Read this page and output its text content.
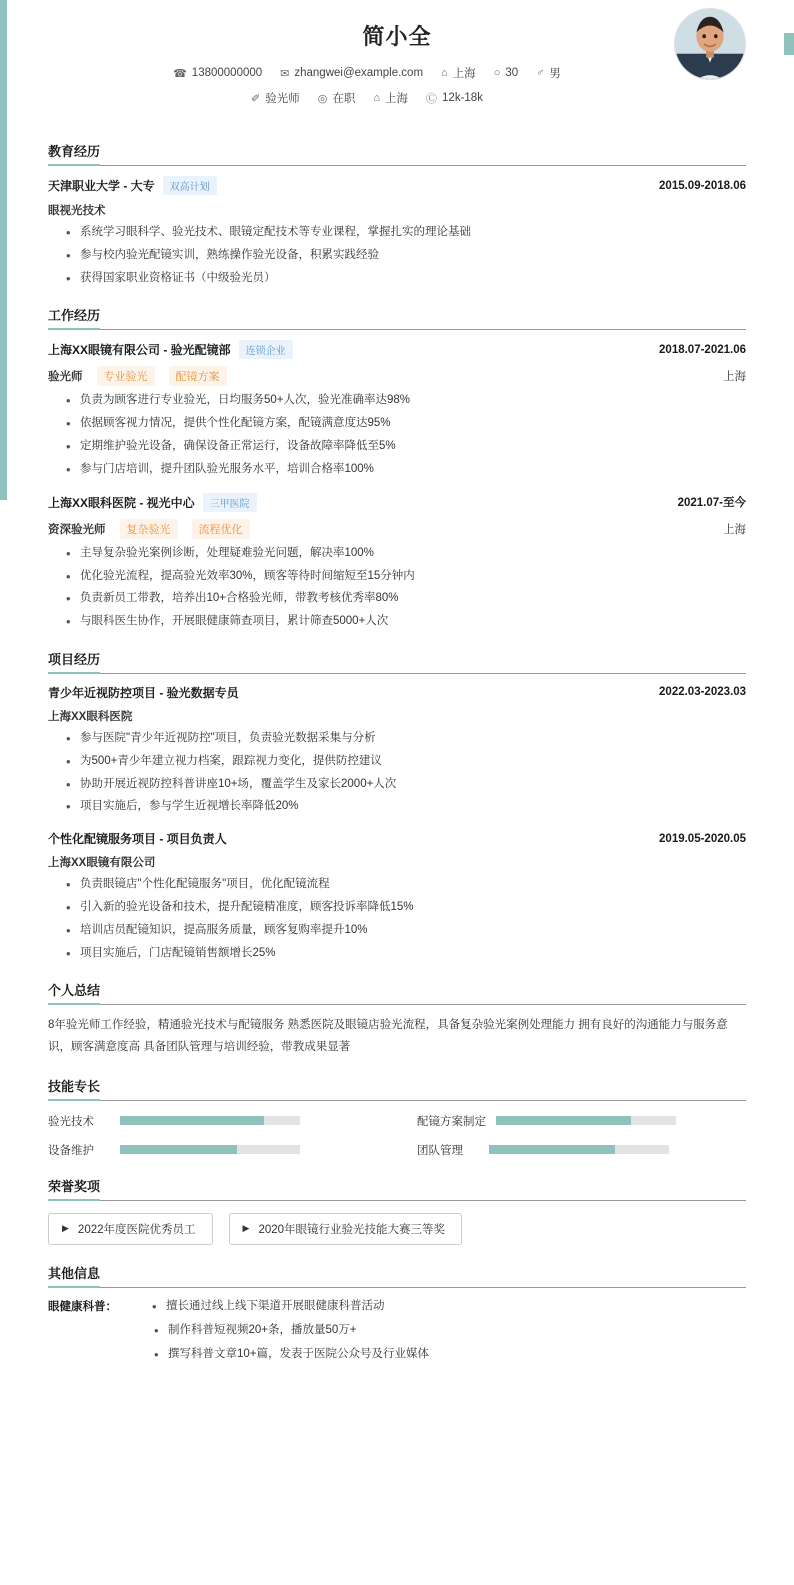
简小全
☎ 13800000000 ✉ zhangwei@example.com ⌂ 上海 ○ 30 ♂ 男
✐ 验光师 ◎ 在职 ⌂ 上海 Ⓒ 12k-18k
教育经历
天津职业大学 - 大专	双高计划	2015.09-2018.06
眼视光技术
• 系统学习眼科学、验光技术、眼镜定配技术等专业课程，掌握扎实的理论基础
• 参与校内验光配镜实训，熟练操作验光设备，积累实践经验
• 获得国家职业资格证书（中级验光员）
工作经历
上海XX眼镜有限公司 - 验光配镜部	连锁企业	2018.07-2021.06
验光师	专业验光	配镜方案	上海
• 负责为顾客进行专业验光，日均服务50+人次，验光准确率达98%
• 依据顾客视力情况，提供个性化配镜方案，配镜满意度达95%
• 定期维护验光设备，确保设备正常运行，设备故障率降低至5%
• 参与门店培训，提升团队验光服务水平，培训合格率100%
上海XX眼科医院 - 视光中心	三甲医院	2021.07-至今
资深验光师	复杂验光	流程优化	上海
• 主导复杂验光案例诊断，处理疑难验光问题，解决率100%
• 优化验光流程，提高验光效率30%，顾客等待时间缩短至15分钟内
• 负责新员工带教，培养出10+合格验光师，带教考核优秀率80%
• 与眼科医生协作，开展眼健康筛查项目，累计筛查5000+人次
项目经历
青少年近视防控项目 - 验光数据专员	2022.03-2023.03
上海XX眼科医院
• 参与医院"青少年近视防控"项目，负责验光数据采集与分析
• 为500+青少年建立视力档案，跟踪视力变化，提供防控建议
• 协助开展近视防控科普讲座10+场，覆盖学生及家长2000+人次
• 项目实施后，参与学生近视增长率降低20%
个性化配镜服务项目 - 项目负责人	2019.05-2020.05
上海XX眼镜有限公司
• 负责眼镜店"个性化配镜服务"项目，优化配镜流程
• 引入新的验光设备和技术，提升配镜精准度，顾客投诉率降低15%
• 培训店员配镜知识，提高服务质量，顾客复购率提升10%
• 项目实施后，门店配镜销售额增长25%
个人总结
8年验光师工作经验，精通验光技术与配镜服务 熟悉医院及眼镜店验光流程，具备复杂验光案例处理能力 拥有良好的沟通能力与服务意识，顾客满意度高 具备团队管理与培训经验，带教成果显著
技能专长
验光技术	配镜方案制定
设备维护	团队管理
荣誉奖项
▶ 2022年度医院优秀员工	▶ 2020年眼镜行业验光技能大赛三等奖
其他信息
眼健康科普：	• 擅长通过线上线下渠道开展眼健康科普活动
• 制作科普短视频20+条，播放量50万+
• 撰写科普文章10+篇，发表于医院公众号及行业媒体
